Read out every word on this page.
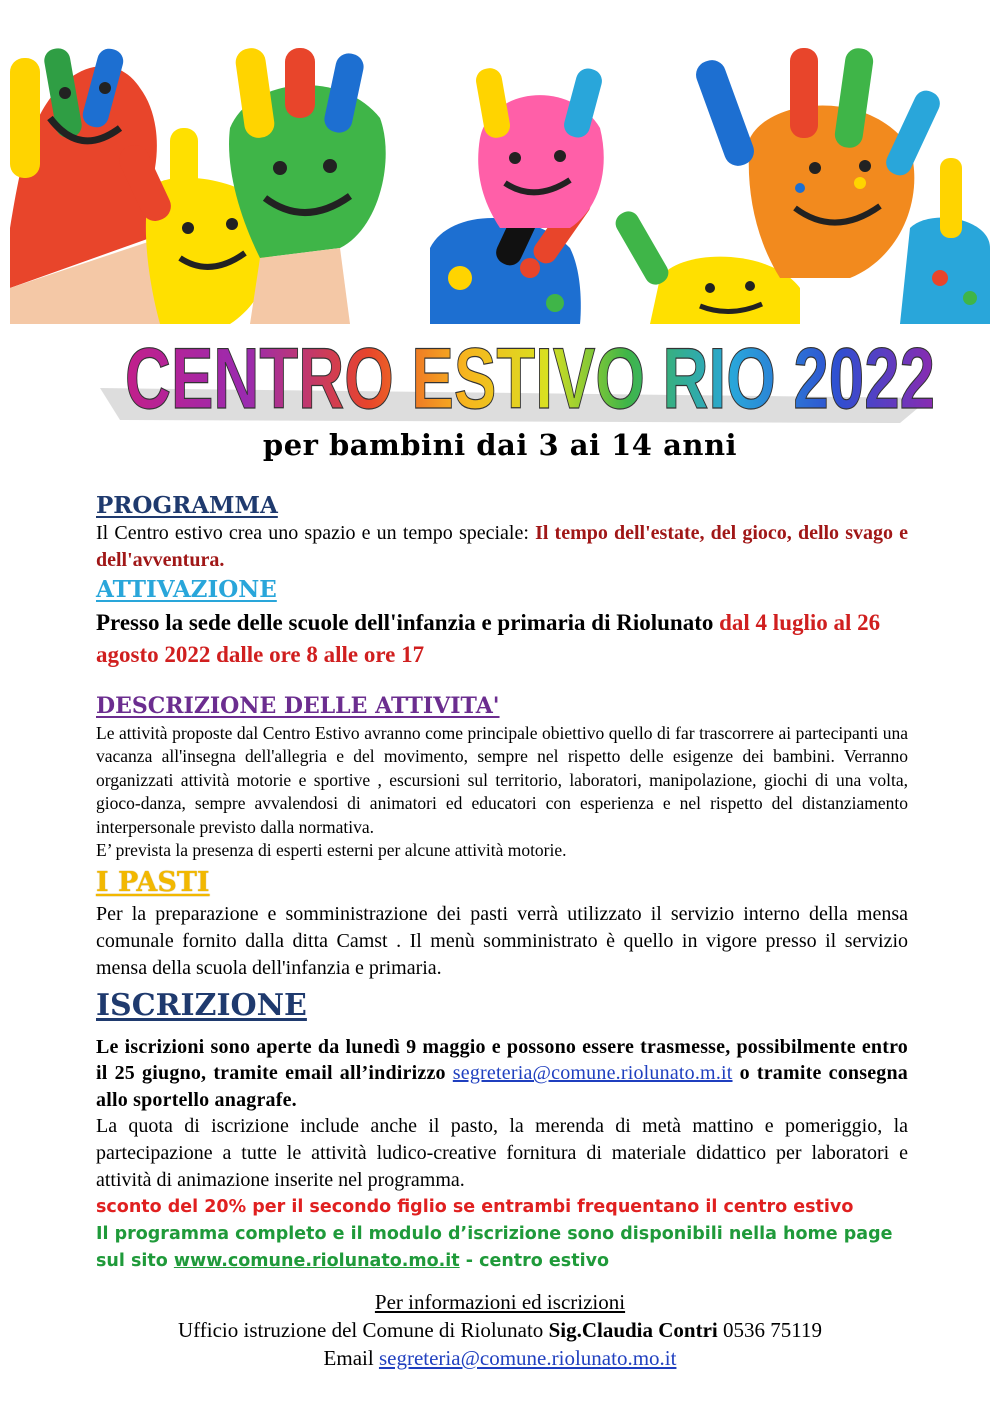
CENTRO ESTIVO RIO 2022
per bambini dai 3 ai 14 anni
PROGRAMMA

Il Centro estivo crea uno spazio e un tempo speciale: Il tempo dell'estate, del gioco, dello svago e dell'avventura.

ATTIVAZIONE

Presso la sede delle scuole dell'infanzia e primaria di Riolunato dal 4 luglio al 26 agosto 2022 dalle ore 8 alle ore 17

DESCRIZIONE DELLE ATTIVITA'

Le attività proposte dal Centro Estivo avranno come principale obiettivo quello di far trascorrere ai partecipanti una vacanza all'insegna dell'allegria e del movimento, sempre nel rispetto delle esigenze dei bambini. Verranno organizzati attività motorie e sportive , escursioni sul territorio, laboratori, manipolazione, giochi di una volta, gioco-danza, sempre avvalendosi di animatori ed educatori con esperienza e nel rispetto del distanziamento interpersonale previsto dalla normativa.

E’ prevista la presenza di esperti esterni per alcune attività motorie.

I PASTI

Per la preparazione e somministrazione dei pasti verrà utilizzato il servizio interno della mensa comunale fornito dalla ditta Camst . Il menù somministrato è quello in vigore presso il servizio mensa della scuola dell'infanzia e primaria.

ISCRIZIONE

Le iscrizioni sono aperte da lunedì 9 maggio e possono essere trasmesse, possibilmente entro il 25 giugno, tramite email all’indirizzo segreteria@comune.riolunato.m.it o tramite consegna allo sportello anagrafe.

La quota di iscrizione include anche il pasto, la merenda di metà mattino e pomeriggio, la partecipazione a tutte le attività ludico-creative fornitura di materiale didattico per laboratori e attività di animazione inserite nel programma.

sconto del 20% per il secondo figlio se entrambi frequentano il centro estivo

Il programma completo e il modulo d’iscrizione sono disponibili nella home page sul sito www.comune.riolunato.mo.it - centro estivo

Per informazioni ed iscrizioni
Ufficio istruzione del Comune di Riolunato Sig.Claudia Contri 0536 75119
Email segreteria@comune.riolunato.mo.it
